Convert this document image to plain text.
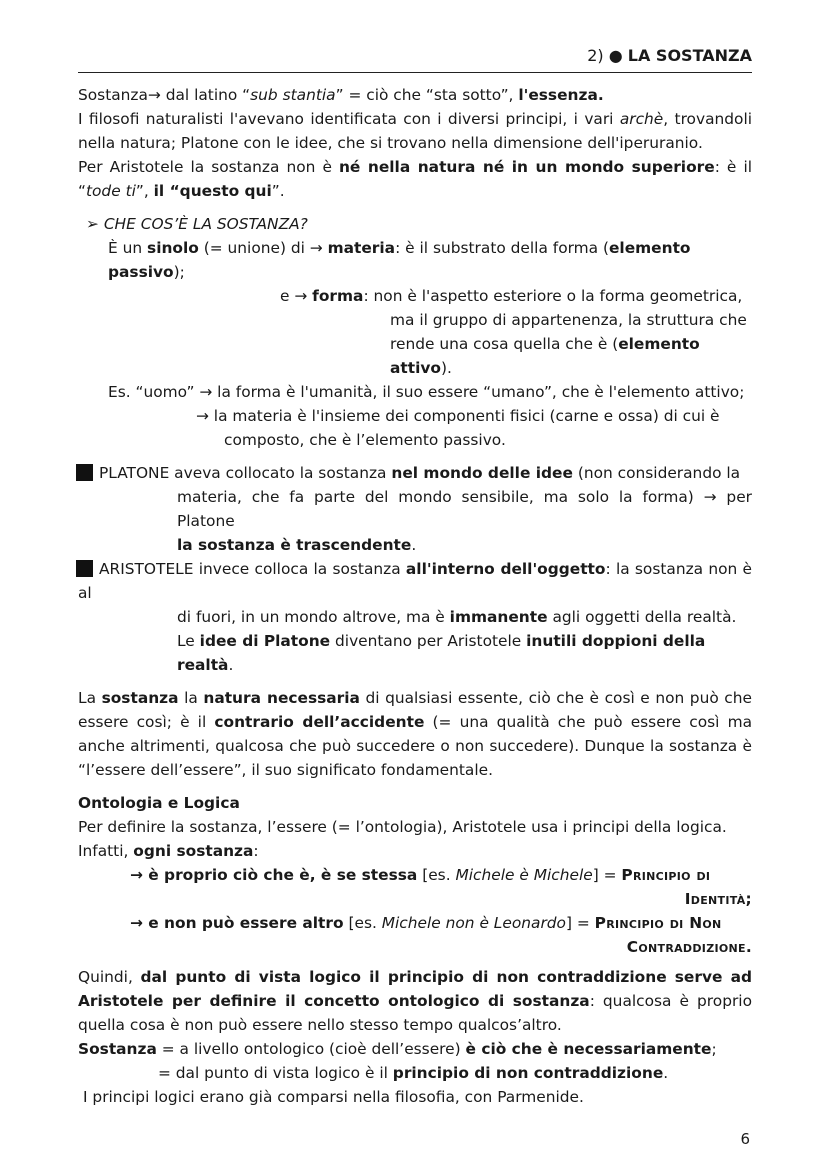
2) ● LA SOSTANZA

Sostanza→ dal latino “sub stantia” = ciò che “sta sotto”, l'essenza.

I filosofi naturalisti l'avevano identificata con i diversi principi, i vari archè, trovandoli nella natura; Platone con le idee, che si trovano nella dimensione dell'iperuranio.

Per Aristotele la sostanza non è né nella natura né in un mondo superiore: è il “tode ti”, il “questo qui”.

➢ CHE COS’È LA SOSTANZA?

È un sinolo (= unione) di → materia: è il substrato della forma (elemento passivo);

e → forma: non è l'aspetto esteriore o la forma geometrica,

ma il gruppo di appartenenza, la struttura che

rende una cosa quella che è (elemento attivo).

Es. “uomo” → la forma è l'umanità, il suo essere “umano”, che è l'elemento attivo;

→ la materia è l'insieme dei componenti fisici (carne e ossa) di cui è

composto, che è l’elemento passivo.

PLATONE aveva collocato la sostanza nel mondo delle idee (non considerando la

materia, che fa parte del mondo sensibile, ma solo la forma) → per Platone

la sostanza è trascendente.

ARISTOTELE invece colloca la sostanza all'interno dell'oggetto: la sostanza non è al

di fuori, in un mondo altrove, ma è immanente agli oggetti della realtà.

Le idee di Platone diventano per Aristotele inutili doppioni della realtà.

La sostanza la natura necessaria di qualsiasi essente, ciò che è così e non può che essere così; è il contrario dell’accidente (= una qualità che può essere così ma anche altrimenti, qualcosa che può succedere o non succedere). Dunque la sostanza è “l’essere dell’essere”, il suo significato fondamentale.

Ontologia e Logica

Per definire la sostanza, l’essere (= l’ontologia), Aristotele usa i principi della logica.

Infatti, ogni sostanza:

→ è proprio ciò che è, è se stessa [es. Michele è Michele] = Principio di

Identità;

→ e non può essere altro [es. Michele non è Leonardo] = Principio di Non

Contraddizione.

Quindi, dal punto di vista logico il principio di non contraddizione serve ad Aristotele per definire il concetto ontologico di sostanza: qualcosa è proprio quella cosa è non può essere nello stesso tempo qualcos’altro.

Sostanza = a livello ontologico (cioè dell’essere) è ciò che è necessariamente;

= dal punto di vista logico è il principio di non contraddizione.

I principi logici erano già comparsi nella filosofia, con Parmenide.

6
